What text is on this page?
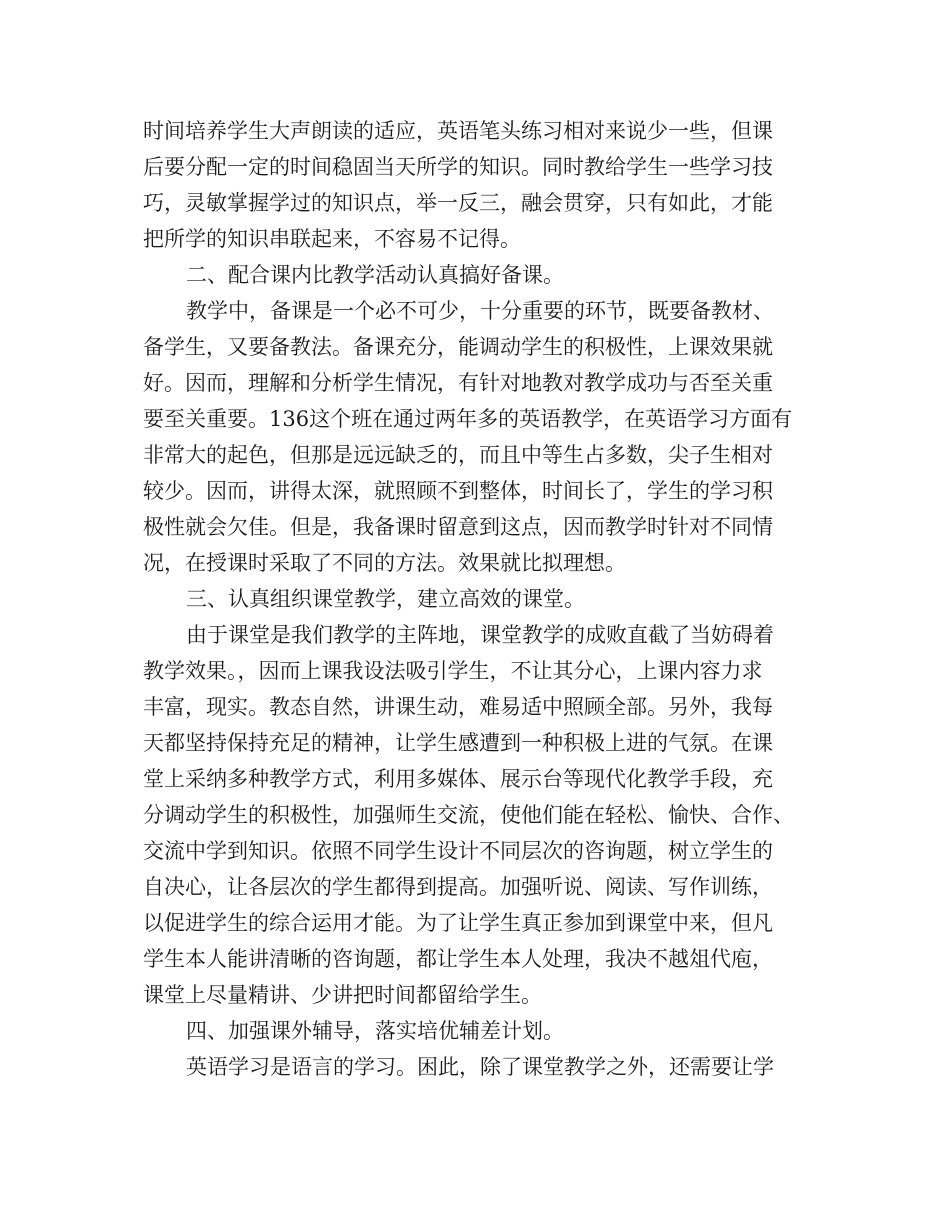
时间培养学生大声朗读的适应，英语笔头练习相对来说少一些，但课
后要分配一定的时间稳固当天所学的知识。同时教给学生一些学习技
巧，灵敏掌握学过的知识点，举一反三，融会贯穿，只有如此，才能
把所学的知识串联起来，不容易不记得。
二、配合课内比教学活动认真搞好备课。
教学中，备课是一个必不可少，十分重要的环节，既要备教材、
备学生，又要备教法。备课充分，能调动学生的积极性，上课效果就
好。因而，理解和分析学生情况，有针对地教对教学成功与否至关重
要至关重要。136这个班在通过两年多的英语教学，在英语学习方面有
非常大的起色，但那是远远缺乏的，而且中等生占多数，尖子生相对
较少。因而，讲得太深，就照顾不到整体，时间长了，学生的学习积
极性就会欠佳。但是，我备课时留意到这点，因而教学时针对不同情
况，在授课时采取了不同的方法。效果就比拟理想。
三、认真组织课堂教学，建立高效的课堂。
由于课堂是我们教学的主阵地，课堂教学的成败直截了当妨碍着
教学效果。，因而上课我设法吸引学生，不让其分心，上课内容力求
丰富，现实。教态自然，讲课生动，难易适中照顾全部。另外，我每
天都坚持保持充足的精神，让学生感遭到一种积极上进的气氛。在课
堂上采纳多种教学方式，利用多媒体、展示台等现代化教学手段，充
分调动学生的积极性，加强师生交流，使他们能在轻松、愉快、合作、
交流中学到知识。依照不同学生设计不同层次的咨询题，树立学生的
自决心，让各层次的学生都得到提高。加强听说、阅读、写作训练，
以促进学生的综合运用才能。为了让学生真正参加到课堂中来，但凡
学生本人能讲清晰的咨询题，都让学生本人处理，我决不越俎代庖，
课堂上尽量精讲、少讲把时间都留给学生。
四、加强课外辅导，落实培优辅差计划。
英语学习是语言的学习。困此，除了课堂教学之外，还需要让学
